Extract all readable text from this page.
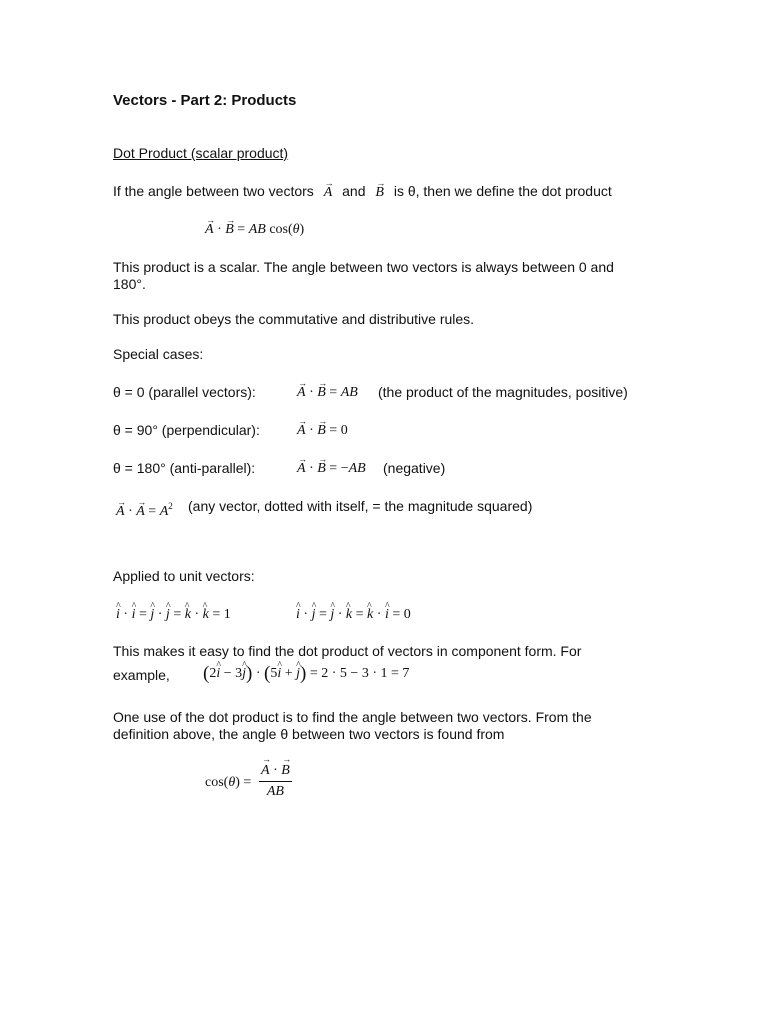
Vectors - Part 2: Products
Dot Product (scalar product)
If the angle between two vectors A → and B → is θ, then we define the dot product
A → · B → = AB cos(θ)
This product is a scalar. The angle between two vectors is always between 0 and 180°.
This product obeys the commutative and distributive rules.
Special cases:
θ = 0 (parallel vectors):	A → · B → = AB (the product of the magnitudes, positive)
θ = 90° (perpendicular):	A → · B → = 0
θ = 180° (anti-parallel):	A → · B → = −AB (negative)
A → · A → = $A^2$ (any vector, dotted with itself, = the magnitude squared)
Applied to unit vectors:
i ^ · i ^ = j ^ · j ^ = k ^ · k ^ = 1	i ^ · j ^ = j ^ · k ^ = k ^ · i ^ = 0
This makes it easy to find the dot product of vectors in component form. For
example, (2i ^ − 3j ^) · (5i ^ + j ^) = 2 · 5 − 3 · 1 = 7
One use of the dot product is to find the angle between two vectors. From the definition above, the angle θ between two vectors is found from
$\cos(\theta) = \frac{A \to \cdot B \to}{AB}$
